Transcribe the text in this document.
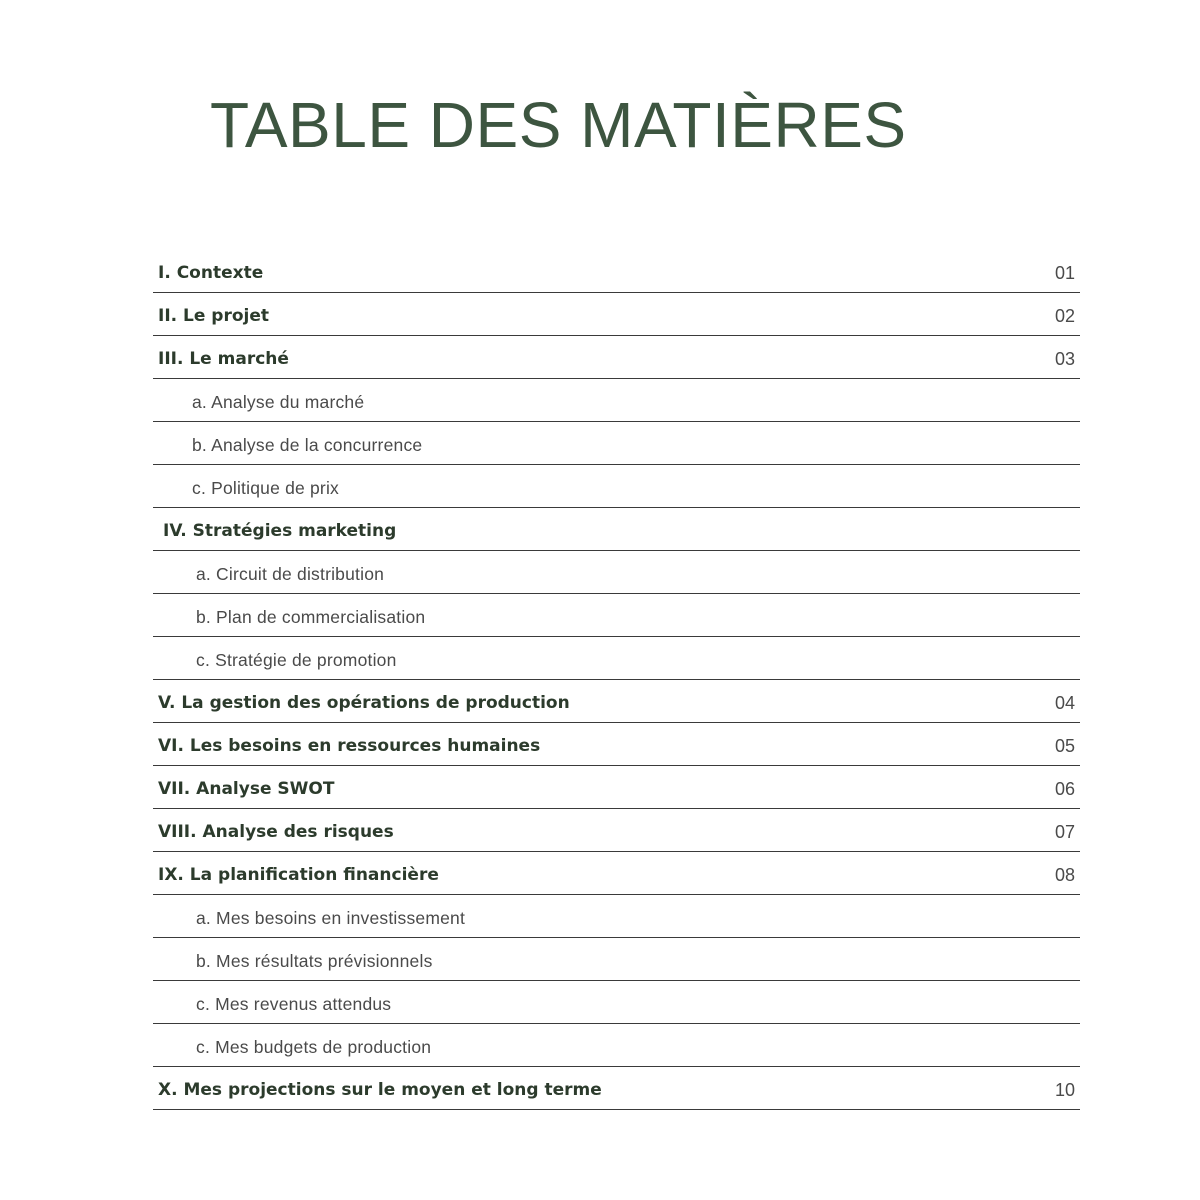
TABLE DES MATIÈRES
I. Contexte	01
II. Le projet	02
III. Le marché	03
a. Analyse du marché
b. Analyse de la concurrence
c. Politique de prix
IV. Stratégies marketing
a. Circuit de distribution
b. Plan de commercialisation
c. Stratégie de promotion
V. La gestion des opérations de production	04
VI. Les besoins en ressources humaines	05
VII. Analyse SWOT	06
VIII. Analyse des risques	07
IX. La planification financière	08
a. Mes besoins en investissement
b. Mes résultats prévisionnels
c. Mes revenus attendus
c. Mes budgets de production
X. Mes projections sur le moyen et long terme	10
